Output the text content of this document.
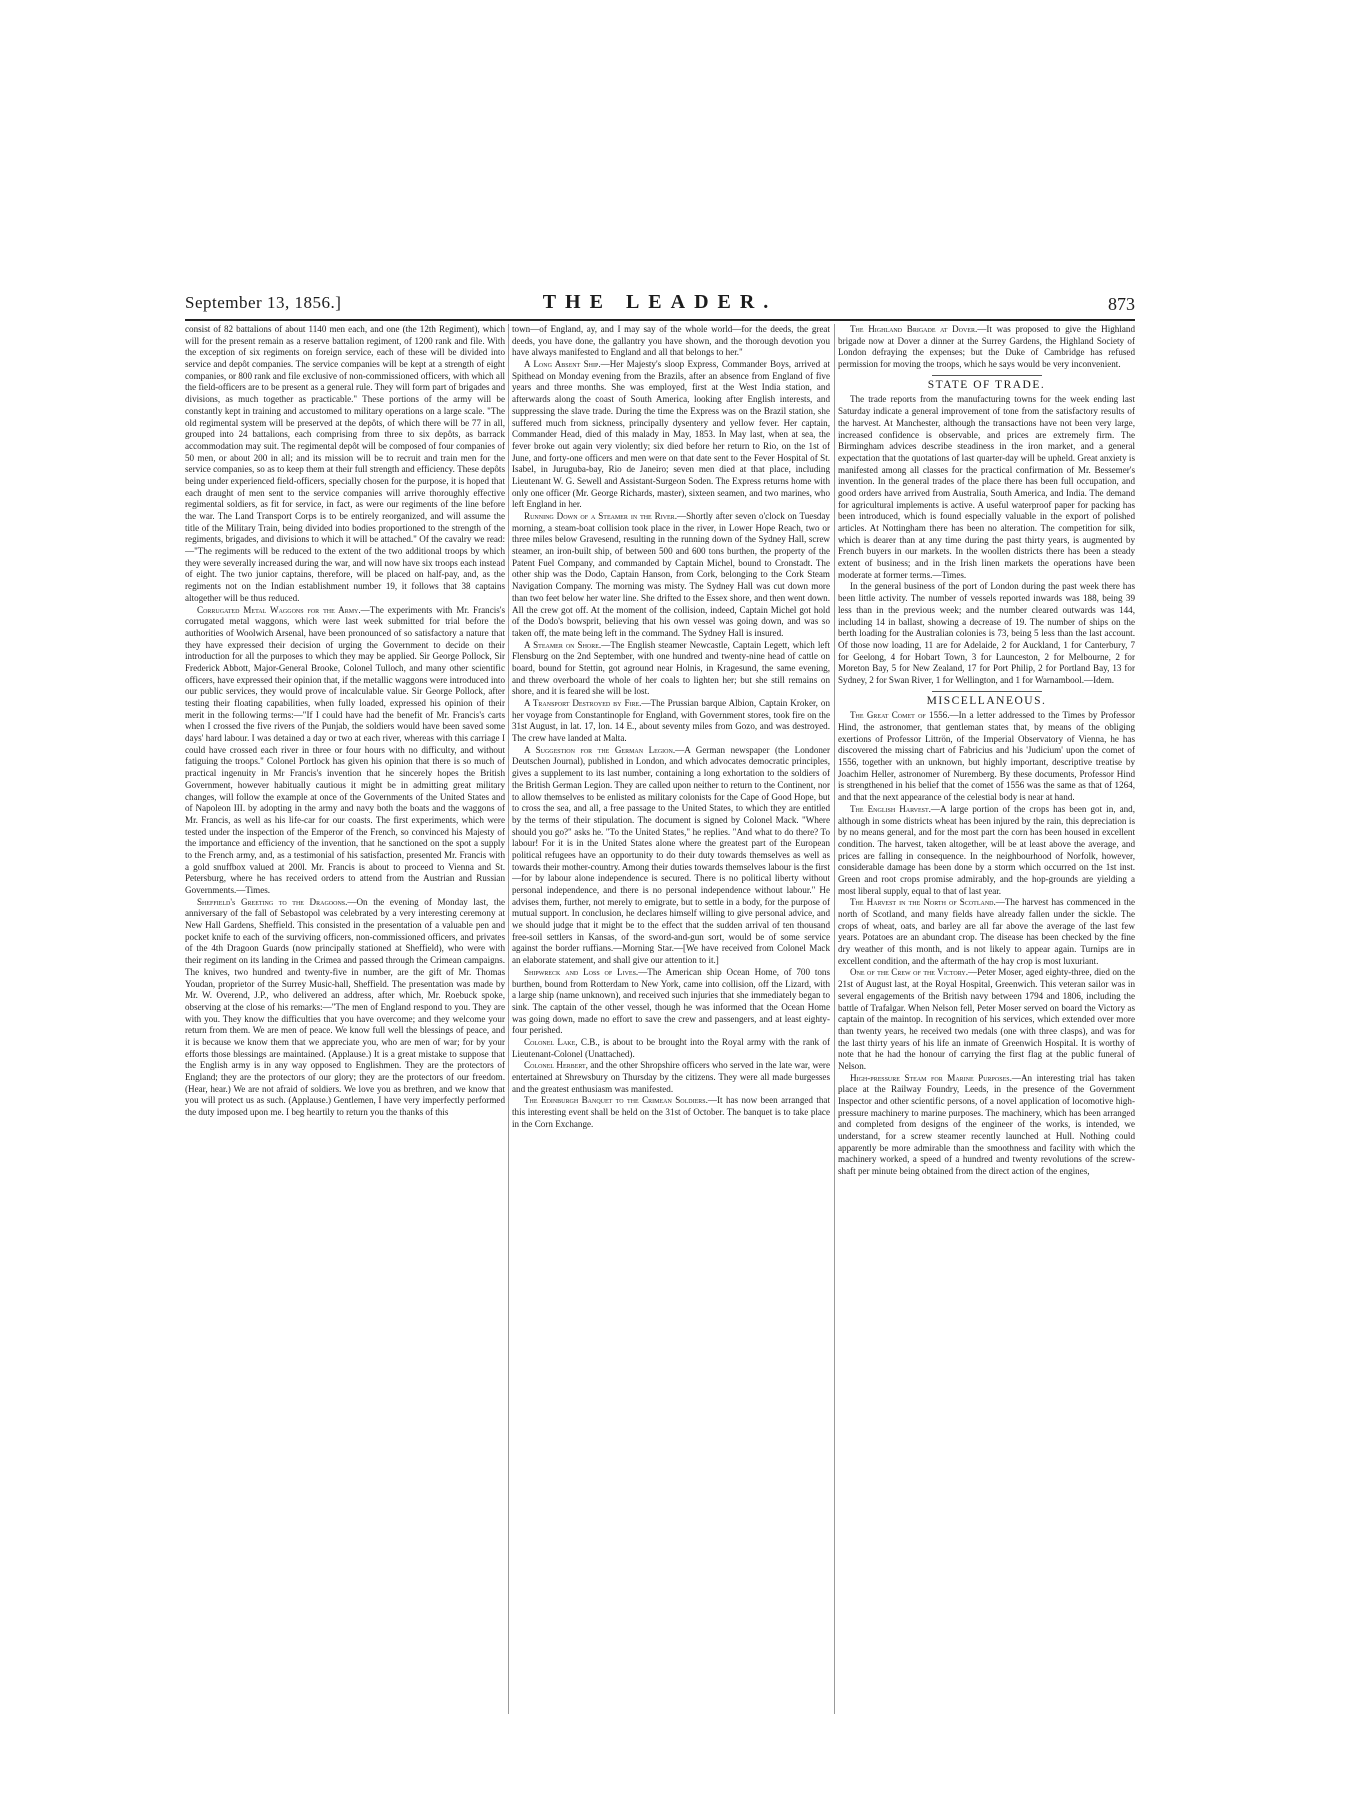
September 13, 1856.]	THE LEADER.	873

consist of 82 battalions of about 1140 men each, and one (the 12th Regiment), which will for the present remain as a reserve battalion regiment, of 1200 rank and file. With the exception of six regiments on foreign service, each of these will be divided into service and depôt companies. The service companies will be kept at a strength of eight companies, or 800 rank and file exclusive of non-commissioned officers, with which all the field-officers are to be present as a general rule. They will form part of brigades and divisions, as much together as practicable." These portions of the army will be constantly kept in training and accustomed to military operations on a large scale. "The old regimental system will be preserved at the depôts, of which there will be 77 in all, grouped into 24 battalions, each comprising from three to six depôts, as barrack accommodation may suit. The regimental depôt will be composed of four companies of 50 men, or about 200 in all; and its mission will be to recruit and train men for the service companies, so as to keep them at their full strength and efficiency. These depôts being under experienced field-officers, specially chosen for the purpose, it is hoped that each draught of men sent to the service companies will arrive thoroughly effective regimental soldiers, as fit for service, in fact, as were our regiments of the line before the war. The Land Transport Corps is to be entirely reorganized, and will assume the title of the Military Train, being divided into bodies proportioned to the strength of the regiments, brigades, and divisions to which it will be attached." Of the cavalry we read:—"The regiments will be reduced to the extent of the two additional troops by which they were severally increased during the war, and will now have six troops each instead of eight. The two junior captains, therefore, will be placed on half-pay, and, as the regiments not on the Indian establishment number 19, it follows that 38 captains altogether will be thus reduced.

Corrugated Metal Waggons for the Army.—The experiments with Mr. Francis's corrugated metal waggons, which were last week submitted for trial before the authorities of Woolwich Arsenal, have been pronounced of so satisfactory a nature that they have expressed their decision of urging the Government to decide on their introduction for all the purposes to which they may be applied. Sir George Pollock, Sir Frederick Abbott, Major-General Brooke, Colonel Tulloch, and many other scientific officers, have expressed their opinion that, if the metallic waggons were introduced into our public services, they would prove of incalculable value. Sir George Pollock, after testing their floating capabilities, when fully loaded, expressed his opinion of their merit in the following terms:—"If I could have had the benefit of Mr. Francis's carts when I crossed the five rivers of the Punjab, the soldiers would have been saved some days' hard labour. I was detained a day or two at each river, whereas with this carriage I could have crossed each river in three or four hours with no difficulty, and without fatiguing the troops." Colonel Portlock has given his opinion that there is so much of practical ingenuity in Mr Francis's invention that he sincerely hopes the British Government, however habitually cautious it might be in admitting great military changes, will follow the example at once of the Governments of the United States and of Napoleon III. by adopting in the army and navy both the boats and the waggons of Mr. Francis, as well as his life-car for our coasts. The first experiments, which were tested under the inspection of the Emperor of the French, so convinced his Majesty of the importance and efficiency of the invention, that he sanctioned on the spot a supply to the French army, and, as a testimonial of his satisfaction, presented Mr. Francis with a gold snuffbox valued at 200l. Mr. Francis is about to proceed to Vienna and St. Petersburg, where he has received orders to attend from the Austrian and Russian Governments.—Times.

Sheffield's Greeting to the Dragoons.—On the evening of Monday last, the anniversary of the fall of Sebastopol was celebrated by a very interesting ceremony at New Hall Gardens, Sheffield. This consisted in the presentation of a valuable pen and pocket knife to each of the surviving officers, non-commissioned officers, and privates of the 4th Dragoon Guards (now principally stationed at Sheffield), who were with their regiment on its landing in the Crimea and passed through the Crimean campaigns. The knives, two hundred and twenty-five in number, are the gift of Mr. Thomas Youdan, proprietor of the Surrey Music-hall, Sheffield. The presentation was made by Mr. W. Overend, J.P., who delivered an address, after which, Mr. Roebuck spoke, observing at the close of his remarks:—"The men of England respond to you. They are with you. They know the difficulties that you have overcome; and they welcome your return from them. We are men of peace. We know full well the blessings of peace, and it is because we know them that we appreciate you, who are men of war; for by your efforts those blessings are maintained. (Applause.) It is a great mistake to suppose that the English army is in any way opposed to Englishmen. They are the protectors of England; they are the protectors of our glory; they are the protectors of our freedom. (Hear, hear.) We are not afraid of soldiers. We love you as brethren, and we know that you will protect us as such. (Applause.) Gentlemen, I have very imperfectly performed the duty imposed upon me. I beg heartily to return you the thanks of this

town—of England, ay, and I may say of the whole world—for the deeds, the great deeds, you have done, the gallantry you have shown, and the thorough devotion you have always manifested to England and all that belongs to her."

A Long Absent Ship.—Her Majesty's sloop Express, Commander Boys, arrived at Spithead on Monday evening from the Brazils, after an absence from England of five years and three months. She was employed, first at the West India station, and afterwards along the coast of South America, looking after English interests, and suppressing the slave trade. During the time the Express was on the Brazil station, she suffered much from sickness, principally dysentery and yellow fever. Her captain, Commander Head, died of this malady in May, 1853. In May last, when at sea, the fever broke out again very violently; six died before her return to Rio, on the 1st of June, and forty-one officers and men were on that date sent to the Fever Hospital of St. Isabel, in Juruguba-bay, Rio de Janeiro; seven men died at that place, including Lieutenant W. G. Sewell and Assistant-Surgeon Soden. The Express returns home with only one officer (Mr. George Richards, master), sixteen seamen, and two marines, who left England in her.

Running Down of a Steamer in the River.—Shortly after seven o'clock on Tuesday morning, a steam-boat collision took place in the river, in Lower Hope Reach, two or three miles below Gravesend, resulting in the running down of the Sydney Hall, screw steamer, an iron-built ship, of between 500 and 600 tons burthen, the property of the Patent Fuel Company, and commanded by Captain Michel, bound to Cronstadt. The other ship was the Dodo, Captain Hanson, from Cork, belonging to the Cork Steam Navigation Company. The morning was misty. The Sydney Hall was cut down more than two feet below her water line. She drifted to the Essex shore, and then went down. All the crew got off. At the moment of the collision, indeed, Captain Michel got hold of the Dodo's bowsprit, believing that his own vessel was going down, and was so taken off, the mate being left in the command. The Sydney Hall is insured.

A Steamer on Shore.—The English steamer Newcastle, Captain Legett, which left Flensburg on the 2nd September, with one hundred and twenty-nine head of cattle on board, bound for Stettin, got aground near Holnis, in Kragesund, the same evening, and threw overboard the whole of her coals to lighten her; but she still remains on shore, and it is feared she will be lost.

A Transport Destroyed by Fire.—The Prussian barque Albion, Captain Kroker, on her voyage from Constantinople for England, with Government stores, took fire on the 31st August, in lat. 17, lon. 14 E., about seventy miles from Gozo, and was destroyed. The crew have landed at Malta.

A Suggestion for the German Legion.—A German newspaper (the Londoner Deutschen Journal), published in London, and which advocates democratic principles, gives a supplement to its last number, containing a long exhortation to the soldiers of the British German Legion. They are called upon neither to return to the Continent, nor to allow themselves to be enlisted as military colonists for the Cape of Good Hope, but to cross the sea, and all, a free passage to the United States, to which they are entitled by the terms of their stipulation. The document is signed by Colonel Mack. "Where should you go?" asks he. "To the United States," he replies. "And what to do there? To labour! For it is in the United States alone where the greatest part of the European political refugees have an opportunity to do their duty towards themselves as well as towards their mother-country. Among their duties towards themselves labour is the first—for by labour alone independence is secured. There is no political liberty without personal independence, and there is no personal independence without labour." He advises them, further, not merely to emigrate, but to settle in a body, for the purpose of mutual support. In conclusion, he declares himself willing to give personal advice, and we should judge that it might be to the effect that the sudden arrival of ten thousand free-soil settlers in Kansas, of the sword-and-gun sort, would be of some service against the border ruffians.—Morning Star.—[We have received from Colonel Mack an elaborate statement, and shall give our attention to it.]

Shipwreck and Loss of Lives.—The American ship Ocean Home, of 700 tons burthen, bound from Rotterdam to New York, came into collision, off the Lizard, with a large ship (name unknown), and received such injuries that she immediately began to sink. The captain of the other vessel, though he was informed that the Ocean Home was going down, made no effort to save the crew and passengers, and at least eighty-four perished.

Colonel Lake, C.B., is about to be brought into the Royal army with the rank of Lieutenant-Colonel (Unattached).

Colonel Herbert, and the other Shropshire officers who served in the late war, were entertained at Shrewsbury on Thursday by the citizens. They were all made burgesses and the greatest enthusiasm was manifested.

The Edinburgh Banquet to the Crimean Soldiers.—It has now been arranged that this interesting event shall be held on the 31st of October. The banquet is to take place in the Corn Exchange.

The Highland Brigade at Dover.—It was proposed to give the Highland brigade now at Dover a dinner at the Surrey Gardens, the Highland Society of London defraying the expenses; but the Duke of Cambridge has refused permission for moving the troops, which he says would be very inconvenient.

STATE OF TRADE.

The trade reports from the manufacturing towns for the week ending last Saturday indicate a general improvement of tone from the satisfactory results of the harvest. At Manchester, although the transactions have not been very large, increased confidence is observable, and prices are extremely firm. The Birmingham advices describe steadiness in the iron market, and a general expectation that the quotations of last quarter-day will be upheld. Great anxiety is manifested among all classes for the practical confirmation of Mr. Bessemer's invention. In the general trades of the place there has been full occupation, and good orders have arrived from Australia, South America, and India. The demand for agricultural implements is active. A useful waterproof paper for packing has been introduced, which is found especially valuable in the export of polished articles. At Nottingham there has been no alteration. The competition for silk, which is dearer than at any time during the past thirty years, is augmented by French buyers in our markets. In the woollen districts there has been a steady extent of business; and in the Irish linen markets the operations have been moderate at former terms.—Times.

In the general business of the port of London during the past week there has been little activity. The number of vessels reported inwards was 188, being 39 less than in the previous week; and the number cleared outwards was 144, including 14 in ballast, showing a decrease of 19. The number of ships on the berth loading for the Australian colonies is 73, being 5 less than the last account. Of those now loading, 11 are for Adelaide, 2 for Auckland, 1 for Canterbury, 7 for Geelong, 4 for Hobart Town, 3 for Launceston, 2 for Melbourne, 2 for Moreton Bay, 5 for New Zealand, 17 for Port Philip, 2 for Portland Bay, 13 for Sydney, 2 for Swan River, 1 for Wellington, and 1 for Warnambool.—Idem.

MISCELLANEOUS.

The Great Comet of 1556.—In a letter addressed to the Times by Professor Hind, the astronomer, that gentleman states that, by means of the obliging exertions of Professor Littrön, of the Imperial Observatory of Vienna, he has discovered the missing chart of Fabricius and his 'Judicium' upon the comet of 1556, together with an unknown, but highly important, descriptive treatise by Joachim Heller, astronomer of Nuremberg. By these documents, Professor Hind is strengthened in his belief that the comet of 1556 was the same as that of 1264, and that the next appearance of the celestial body is near at hand.

The English Harvest.—A large portion of the crops has been got in, and, although in some districts wheat has been injured by the rain, this depreciation is by no means general, and for the most part the corn has been housed in excellent condition. The harvest, taken altogether, will be at least above the average, and prices are falling in consequence. In the neighbourhood of Norfolk, however, considerable damage has been done by a storm which occurred on the 1st inst. Green and root crops promise admirably, and the hop-grounds are yielding a most liberal supply, equal to that of last year.

The Harvest in the North of Scotland.—The harvest has commenced in the north of Scotland, and many fields have already fallen under the sickle. The crops of wheat, oats, and barley are all far above the average of the last few years. Potatoes are an abundant crop. The disease has been checked by the fine dry weather of this month, and is not likely to appear again. Turnips are in excellent condition, and the aftermath of the hay crop is most luxuriant.

One of the Crew of the Victory.—Peter Moser, aged eighty-three, died on the 21st of August last, at the Royal Hospital, Greenwich. This veteran sailor was in several engagements of the British navy between 1794 and 1806, including the battle of Trafalgar. When Nelson fell, Peter Moser served on board the Victory as captain of the maintop. In recognition of his services, which extended over more than twenty years, he received two medals (one with three clasps), and was for the last thirty years of his life an inmate of Greenwich Hospital. It is worthy of note that he had the honour of carrying the first flag at the public funeral of Nelson.

High-pressure Steam for Marine Purposes.—An interesting trial has taken place at the Railway Foundry, Leeds, in the presence of the Government Inspector and other scientific persons, of a novel application of locomotive high-pressure machinery to marine purposes. The machinery, which has been arranged and completed from designs of the engineer of the works, is intended, we understand, for a screw steamer recently launched at Hull. Nothing could apparently be more admirable than the smoothness and facility with which the machinery worked, a speed of a hundred and twenty revolutions of the screw-shaft per minute being obtained from the direct action of the engines,
